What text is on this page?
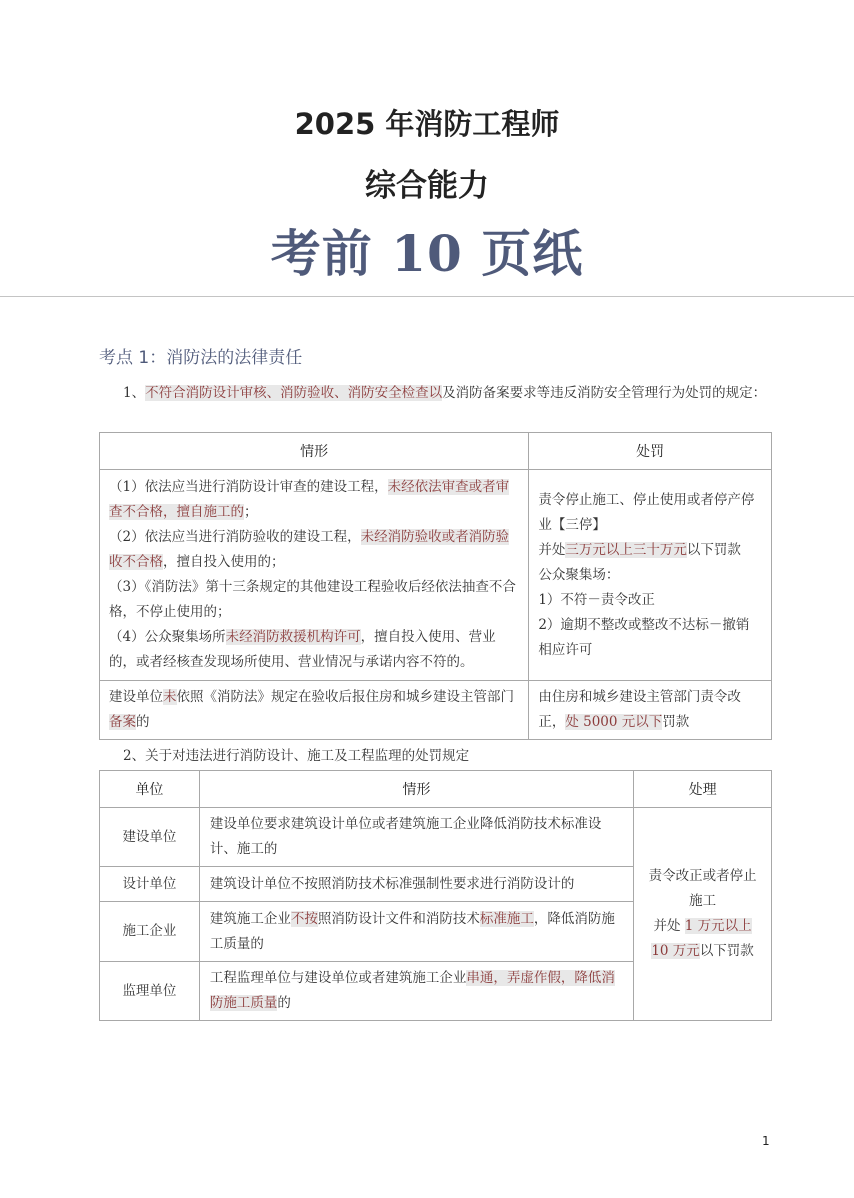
2025 年消防工程师
综合能力
考前 10 页纸
考点 1：消防法的法律责任
1、不符合消防设计审核、消防验收、消防安全检查以及消防备案要求等违反消防安全管理行为处罚的规定：
情形	处罚

（1）依法应当进行消防设计审查的建设工程，未经依法审查或者审查不合格，擅自施工的；
（2）依法应当进行消防验收的建设工程，未经消防验收或者消防验收不合格，擅自投入使用的；
（3）《消防法》第十三条规定的其他建设工程验收后经依法抽查不合格，不停止使用的；
（4）公众聚集场所未经消防救援机构许可，擅自投入使用、营业的，或者经核查发现场所使用、营业情况与承诺内容不符的。

责令停止施工、停止使用或者停产停业【三停】
并处三万元以上三十万元以下罚款
公众聚集场：
1）不符－责令改正
2）逾期不整改或整改不达标－撤销相应许可

建设单位未依照《消防法》规定在验收后报住房和城乡建设主管部门备案的	由住房和城乡建设主管部门责令改正，处 5000 元以下罚款
2、关于对违法进行消防设计、施工及工程监理的处罚规定
单位	情形	处理
建设单位	建设单位要求建筑设计单位或者建筑施工企业降低消防技术标准设计、施工的	责令改正或者停止施工
并处 1 万元以上 10 万元以下罚款

设计单位	建筑设计单位不按照消防技术标准强制性要求进行消防设计的	
施工企业	建筑施工企业不按照消防设计文件和消防技术标准施工，降低消防施工质量的	
监理单位	工程监理单位与建设单位或者建筑施工企业串通，弄虚作假，降低消防施工质量的	
1
